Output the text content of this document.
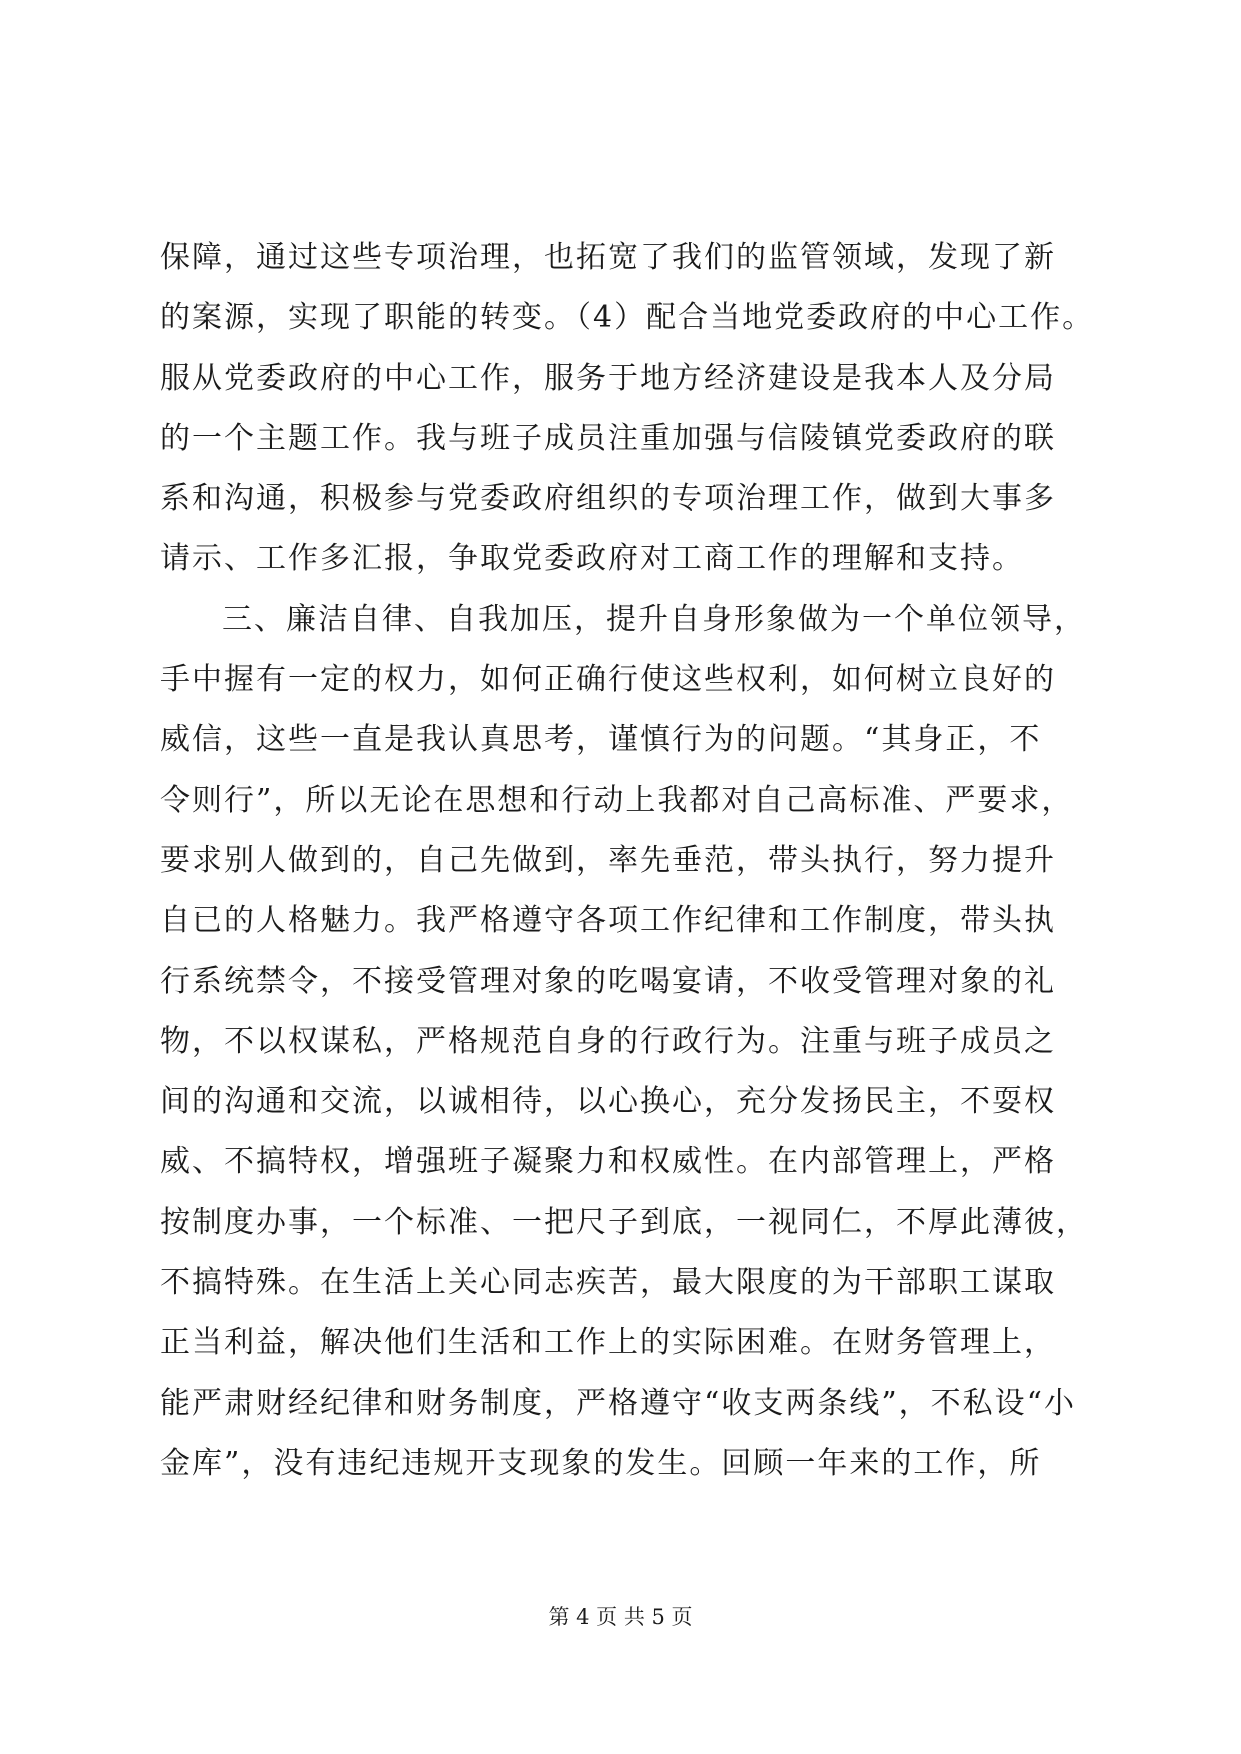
保障，通过这些专项治理，也拓宽了我们的监管领域，发现了新
的案源，实现了职能的转变。（4）配合当地党委政府的中心工作。
服从党委政府的中心工作，服务于地方经济建设是我本人及分局
的一个主题工作。我与班子成员注重加强与信陵镇党委政府的联
系和沟通，积极参与党委政府组织的专项治理工作，做到大事多
请示、工作多汇报，争取党委政府对工商工作的理解和支持。
三、廉洁自律、自我加压，提升自身形象做为一个单位领导，
手中握有一定的权力，如何正确行使这些权利，如何树立良好的
威信，这些一直是我认真思考，谨慎行为的问题。“其身正，不
令则行”，所以无论在思想和行动上我都对自己高标准、严要求，
要求别人做到的，自己先做到，率先垂范，带头执行，努力提升
自已的人格魅力。我严格遵守各项工作纪律和工作制度，带头执
行系统禁令，不接受管理对象的吃喝宴请，不收受管理对象的礼
物，不以权谋私，严格规范自身的行政行为。注重与班子成员之
间的沟通和交流，以诚相待，以心换心，充分发扬民主，不耍权
威、不搞特权，增强班子凝聚力和权威性。在内部管理上，严格
按制度办事，一个标准、一把尺子到底，一视同仁，不厚此薄彼，
不搞特殊。在生活上关心同志疾苦，最大限度的为干部职工谋取
正当利益，解决他们生活和工作上的实际困难。在财务管理上，
能严肃财经纪律和财务制度，严格遵守“收支两条线”，不私设“小
金库”，没有违纪违规开支现象的发生。回顾一年来的工作，所
第 4 页 共 5 页
